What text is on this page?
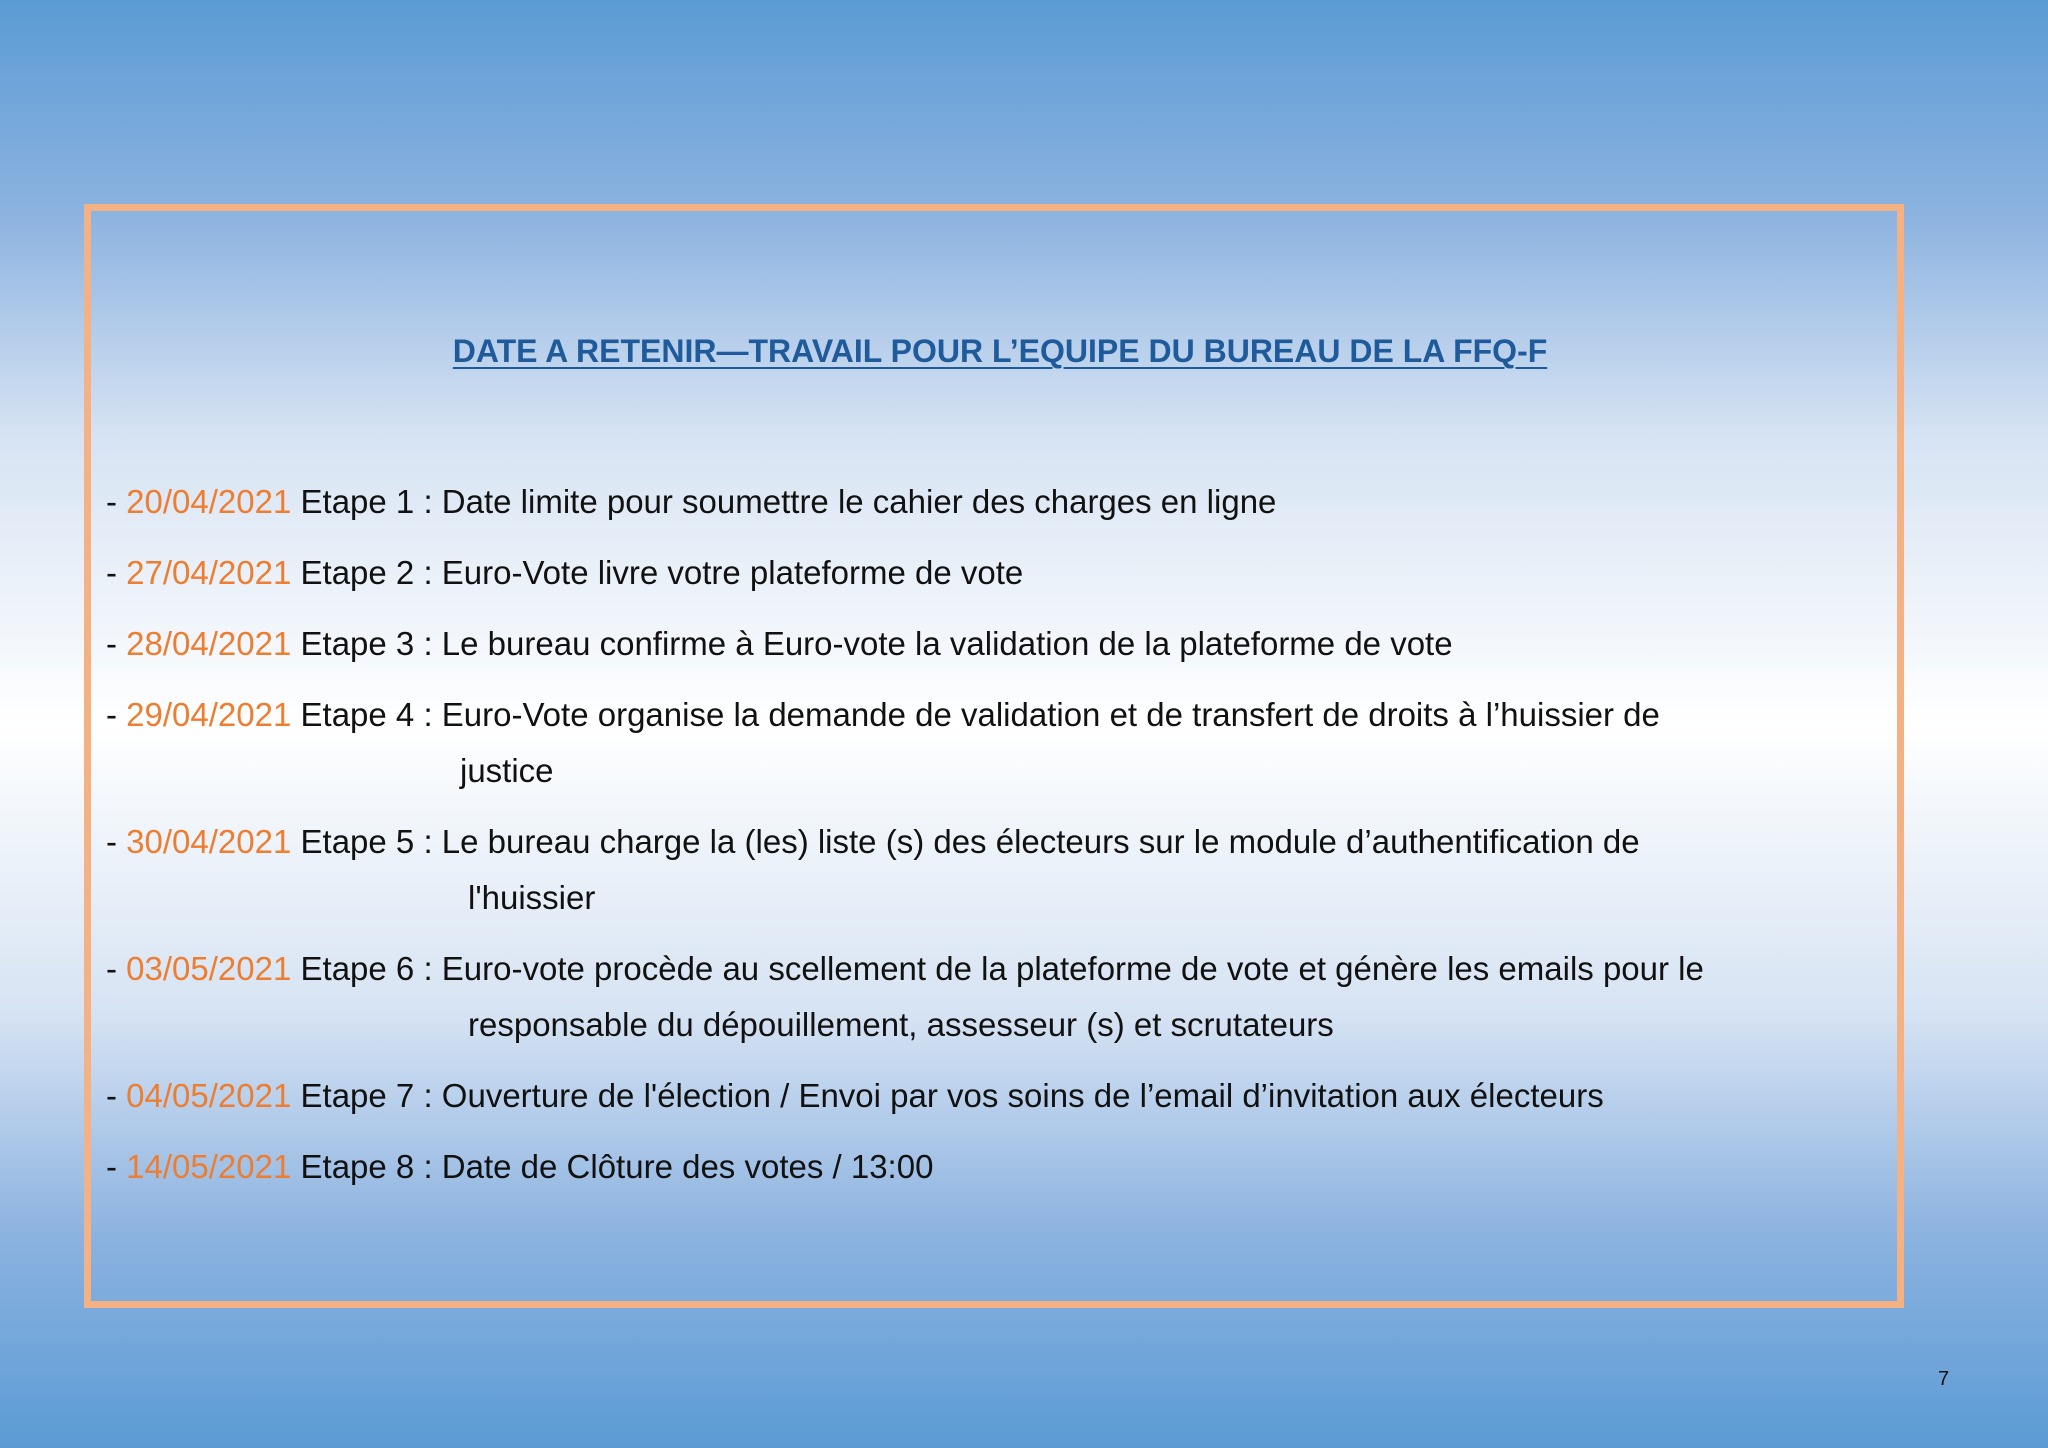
DATE A RETENIR—TRAVAIL POUR L’EQUIPE DU BUREAU DE LA FFQ-F
- 20/04/2021 Etape 1 : Date limite pour soumettre le cahier des charges en ligne
- 27/04/2021 Etape 2 : Euro-Vote livre votre plateforme de vote
- 28/04/2021 Etape 3 : Le bureau confirme à Euro-vote la validation de la plateforme de vote
- 29/04/2021 Etape 4 : Euro-Vote organise la demande de validation et de transfert de droits à l’huissier de
justice
- 30/04/2021 Etape 5 : Le bureau charge la (les) liste (s) des électeurs sur le module d’authentification de
l'huissier
- 03/05/2021 Etape 6 : Euro-vote procède au scellement de la plateforme de vote et génère les emails pour le
responsable du dépouillement, assesseur (s) et scrutateurs
- 04/05/2021 Etape 7 : Ouverture de l'élection / Envoi par vos soins de l’email d’invitation aux électeurs
- 14/05/2021 Etape 8 : Date de Clôture des votes / 13:00
7
